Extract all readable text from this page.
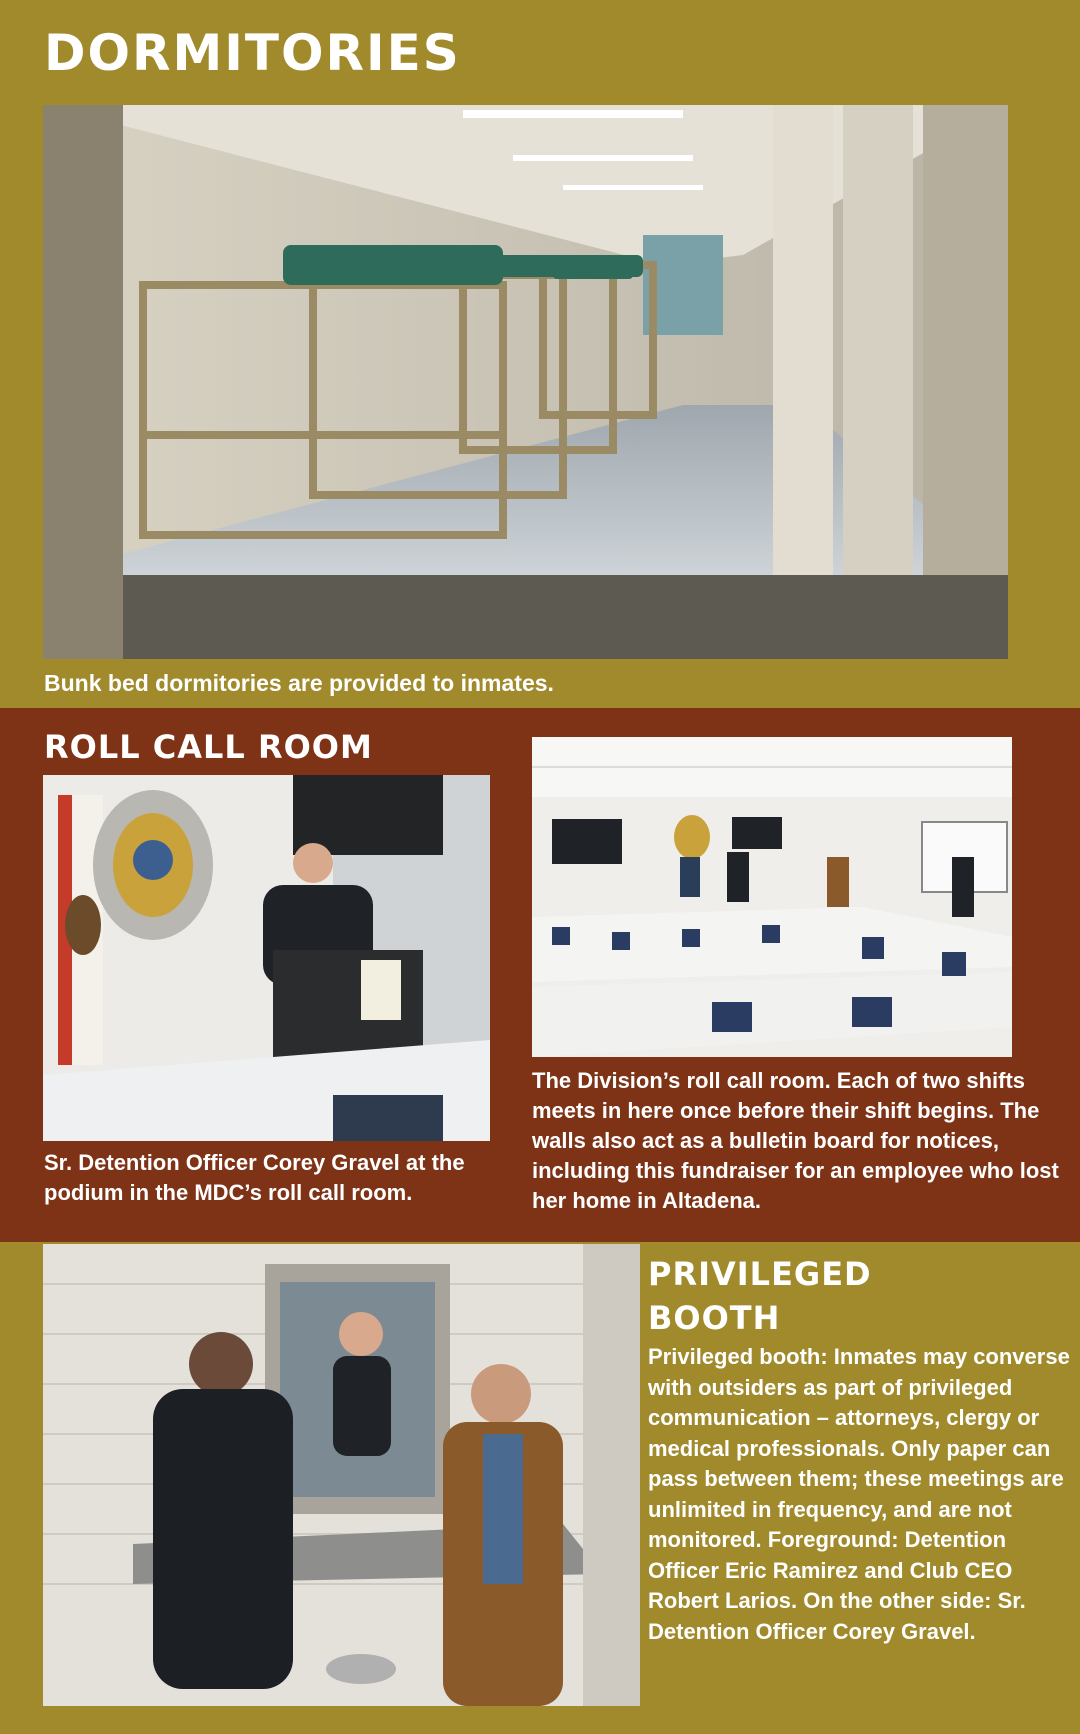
DORMITORIES
Bunk bed dormitories are provided to inmates.
ROLL CALL ROOM
Sr. Detention Officer Corey Gravel at the podium in the MDC’s roll call room.
The Division’s roll call room. Each of two shifts meets in here once before their shift begins. The walls also act as a bulletin board for notices, including this fundraiser for an employee who lost her home in Altadena.
PRIVILEGED BOOTH
Privileged booth: Inmates may converse with outsiders as part of privileged communication – attorneys, clergy or medical professionals. Only paper can pass between them; these meetings are unlimited in frequency, and are not monitored. Foreground: Detention Officer Eric Ramirez and Club CEO Robert Larios. On the other side: Sr. Detention Officer Corey Gravel.
